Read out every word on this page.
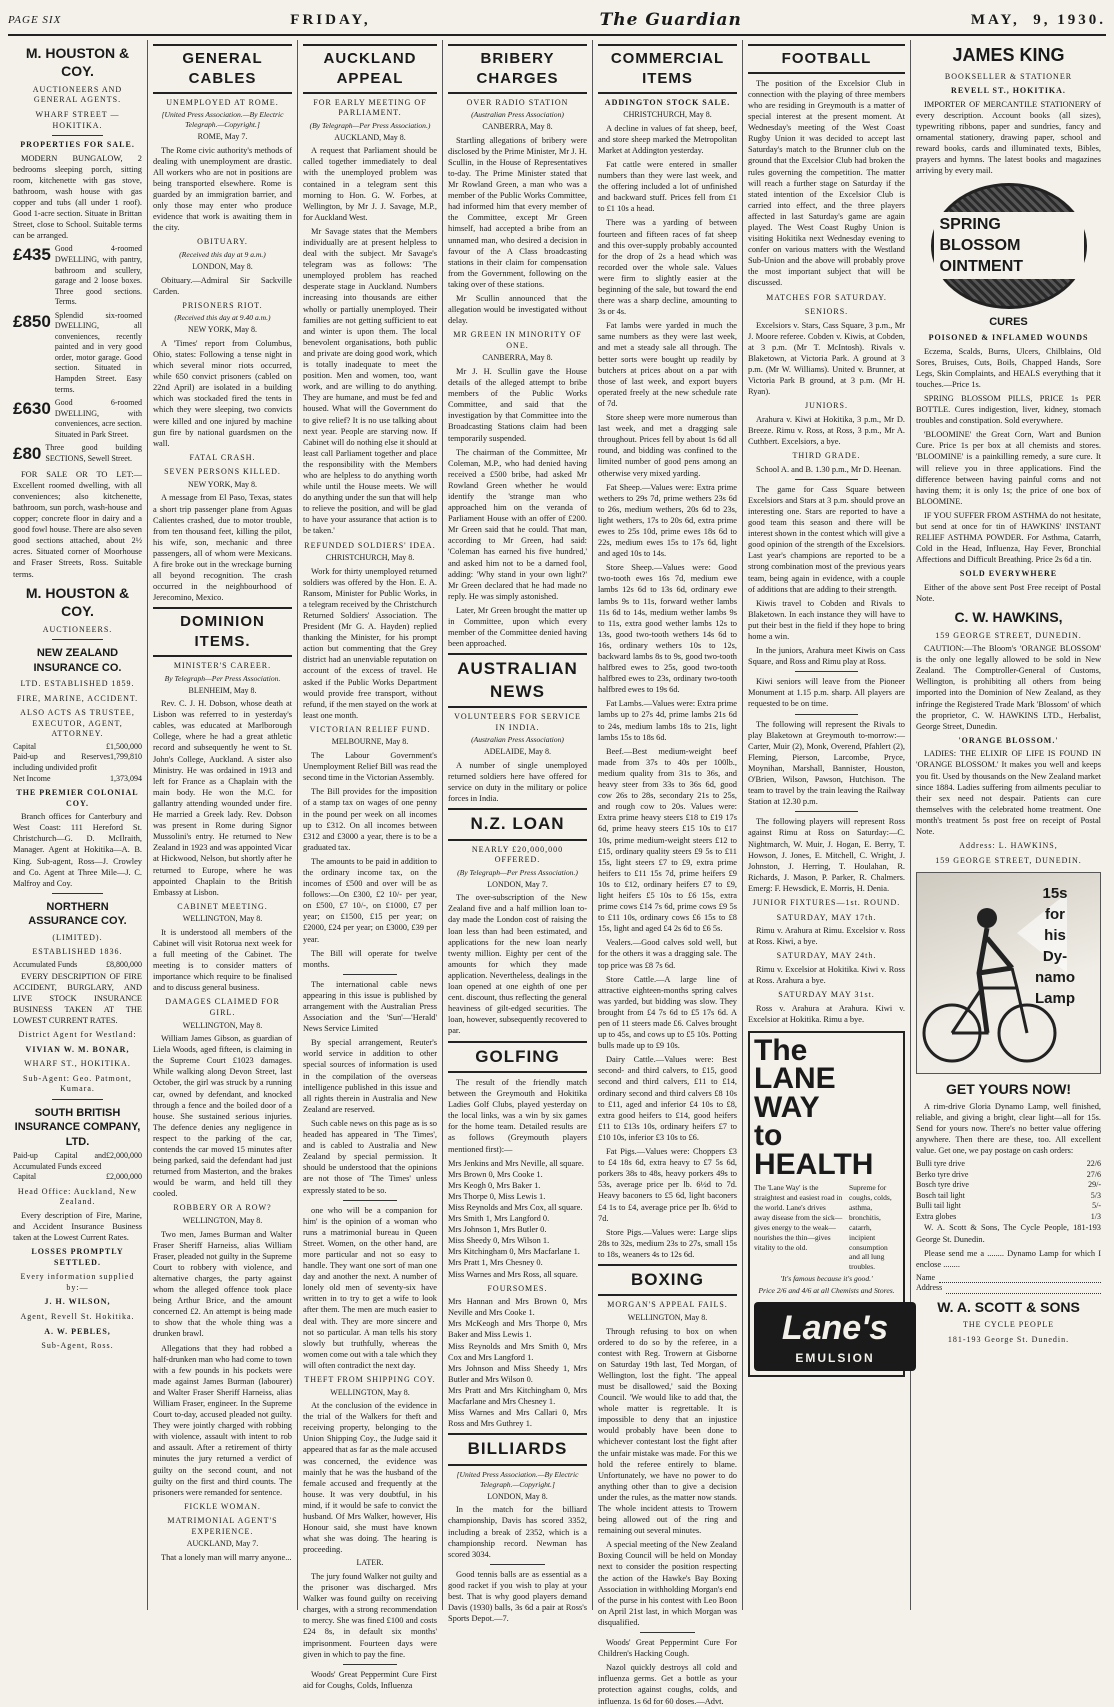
PAGE SIX	FRIDAY,	The Guardian	MAY, 9, 1930.
M. HOUSTON & COY.
AUCTIONEERS AND GENERAL AGENTS.
WHARF STREET — HOKITIKA.
PROPERTIES FOR SALE.

MODERN BUNGALOW, 2 bedrooms sleeping porch, sitting room, kitchenette with gas stove, bathroom, wash house with gas copper and tubs (all under 1 roof). Good 1-acre section. Situate in Brittan Street, close to School. Suitable terms can be arranged.

£435 Good 4-roomed DWELLING, with pantry, bathroom and scullery, garage and 2 loose boxes. Three good sections. Terms.
£850 Splendid six-roomed DWELLING, all conveniences, recently painted and in very good order, motor garage. Good section. Situated in Hampden Street. Easy terms.
£630 Good 6-roomed DWELLING, with conveniences, acre section. Situated in Park Street.
£80 Three good building SECTIONS, Sewell Street.

FOR SALE OR TO LET:—Excellent roomed dwelling, with all conveniences; also kitchenette, bathroom, sun porch, wash-house and copper; concrete floor in dairy and a good fowl house. There are also seven good sections attached, about 2½ acres. Situated corner of Moorhouse and Fraser Streets, Ross. Suitable terms.

M. HOUSTON & COY.
AUCTIONEERS.
NEW ZEALAND INSURANCE CO.
LTD. ESTABLISHED 1859.
FIRE, MARINE, ACCIDENT.
ALSO ACTS AS TRUSTEE, EXECUTOR, AGENT, ATTORNEY.
Capital	£1,500,000
Paid-up and Reserves including undivided profit
1,799,810
Net Income	1,373,094
THE PREMIER COLONIAL COY.

Branch offices for Canterbury and West Coast: 111 Hereford St. Christchurch—G. D. McIlraith, Manager. Agent at Hokitika—A. B. King. Sub-agent, Ross—J. Crowley and Co. Agent at Three Mile—J. C. Malfroy and Coy.

NORTHERN ASSURANCE COY.
(LIMITED).
ESTABLISHED 1836.
Accumulated Funds	£8,800,000

EVERY DESCRIPTION OF FIRE ACCIDENT, BURGLARY, AND LIVE STOCK INSURANCE BUSINESS TAKEN AT THE LOWEST CURRENT RATES.

District Agent for Westland:
VIVIAN W. M. BONAR,
WHARF ST., HOKITIKA.
Sub-Agent: Geo. Patmont, Kumara.
SOUTH BRITISH INSURANCE COMPANY, LTD.
Paid-up Capital and Accumulated Funds exceed
£2,000,000
Capital	£2,000,000
Head Office: Auckland, New Zealand.

Every description of Fire, Marine, and Accident Insurance Business taken at the Lowest Current Rates.

LOSSES PROMPTLY SETTLED.
Every information supplied by:—
J. H. WILSON,
Agent, Revell St. Hokitika.
A. W. PEBLES,
Sub-Agent, Ross.
GENERAL CABLES
UNEMPLOYED AT ROME.
[United Press Association.—By Electric Telegraph.—Copyright.]
ROME, May 7.

The Rome civic authority's methods of dealing with unemployment are drastic. All workers who are not in positions are being transported elsewhere. Rome is guarded by an immigration barrier, and only those may enter who produce evidence that work is awaiting them in the city.

OBITUARY.
(Received this day at 9 a.m.)
LONDON, May 8.

Obituary.—Admiral Sir Sackville Carden.

PRISONERS RIOT.
(Received this day at 9.40 a.m.)
NEW YORK, May 8.

A 'Times' report from Columbus, Ohio, states: Following a tense night in which several minor riots occurred, while 650 convict prisoners (cabled on 22nd April) are isolated in a building which was stockaded fired the tents in which they were sleeping, two convicts were killed and one injured by machine gun fire by national guardsmen on the wall.

FATAL CRASH.
SEVEN PERSONS KILLED.
NEW YORK, May 8.

A message from El Paso, Texas, states a short trip passenger plane from Aguas Calientes crashed, due to motor trouble, from ten thousand feet, killing the pilot, his wife, son, mechanic and three passengers, all of whom were Mexicans. A fire broke out in the wreckage burning all beyond recognition. The crash occurred in the neighbourhood of Jerecomino, Mexico.

DOMINION ITEMS.
MINISTER'S CAREER.
By Telegraph—Per Press Association.
BLENHEIM, May 8.

Rev. C. J. H. Dobson, whose death at Lisbon was referred to in yesterday's cables, was educated at Marlborough College, where he had a great athletic record and subsequently he went to St. John's College, Auckland. A sister also Ministry. He was ordained in 1913 and left for France as a Chaplain with the main body. He won the M.C. for gallantry attending wounded under fire. He married a Greek lady. Rev. Dobson was present in Rome during Signor Mussolini's entry. He returned to New Zealand in 1923 and was appointed Vicar at Hickwood, Nelson, but shortly after he returned to Europe, where he was appointed Chaplain to the British Embassy at Lisbon.

CABINET MEETING.
WELLINGTON, May 8.

It is understood all members of the Cabinet will visit Rotorua next week for a full meeting of the Cabinet. The meeting is to consider matters of importance which require to be finalised and to discuss general business.

DAMAGES CLAIMED FOR GIRL.
WELLINGTON, May 8.

William James Gibson, as guardian of Liela Woods, aged fifteen, is claiming in the Supreme Court £1023 damages. While walking along Devon Street, last October, the girl was struck by a running car, owned by defendant, and knocked through a fence and the boiled door of a house. She sustained serious injuries. The defence denies any negligence in respect to the parking of the car, contends the car moved 15 minutes after being parked, said the defendant had just returned from Masterton, and the brakes would be warm, and held till they cooled.

ROBBERY OR A ROW?
WELLINGTON, May 8.

Two men, James Burman and Walter Fraser Sheriff Harneiss, alias William Fraser, pleaded not guilty in the Supreme Court to robbery with violence, and alternative charges, the party against whom the alleged offence took place being Arthur Brice, and the amount concerned £2. An attempt is being made to show that the whole thing was a drunken brawl.

Allegations that they had robbed a half-drunken man who had come to town with a few pounds in his pockets were made against James Burman (labourer) and Walter Fraser Sheriff Harneiss, alias William Fraser, engineer. In the Supreme Court to-day, accused pleaded not guilty. They were jointly charged with robbing with violence, assault with intent to rob and assault. After a retirement of thirty minutes the jury returned a verdict of guilty on the second count, and not guilty on the first and third counts. The prisoners were remanded for sentence.

FICKLE WOMAN.
MATRIMONIAL AGENT'S EXPERIENCE.
AUCKLAND, May 7.

That a lonely man will marry anyone...

AUCKLAND APPEAL
FOR EARLY MEETING OF PARLIAMENT.
(By Telegraph—Per Press Association.)
AUCKLAND, May 8.

A request that Parliament should be called together immediately to deal with the unemployed problem was contained in a telegram sent this morning to Hon. G. W. Forbes, at Wellington, by Mr J. J. Savage, M.P., for Auckland West.

Mr Savage states that the Members individually are at present helpless to deal with the subject. Mr Savage's telegram was as follows: 'The unemployed problem has reached desperate stage in Auckland. Numbers increasing into thousands are either wholly or partially unemployed. Their families are not getting sufficient to eat and winter is upon them. The local benevolent organisations, both public and private are doing good work, which is totally inadequate to meet the position. Men and women, too, want work, and are willing to do anything. They are humane, and must be fed and housed. What will the Government do to give relief? It is no use talking about next year. People are starving now. If Cabinet will do nothing else it should at least call Parliament together and place the responsibility with the Members who are helpless to do anything worth while until the House meets. We will do anything under the sun that will help to relieve the position, and will be glad to have your assurance that action is to be taken.'

REFUNDED SOLDIERS' IDEA.
CHRISTCHURCH, May 8.

Work for thirty unemployed returned soldiers was offered by the Hon. E. A. Ransom, Minister for Public Works, in a telegram received by the Christchurch Returned Soldiers' Association. The President (Mr G. A. Hayden) replied thanking the Minister, for his prompt action but commenting that the Grey district had an unenviable reputation on account of the excess of travel. He asked if the Public Works Department would provide free transport, without refund, if the men stayed on the work at least one month.

VICTORIAN RELIEF FUND.
MELBOURNE, May 8.

The Labour Government's Unemployment Relief Bill was read the second time in the Victorian Assembly.

The Bill provides for the imposition of a stamp tax on wages of one penny in the pound per week on all incomes up to £312. On all incomes between £312 and £3000 a year, there is to be a graduated tax.

The amounts to be paid in addition to the ordinary income tax, on the incomes of £500 and over will be as follows:—On £300, £2 10/- per year, on £500, £7 10/-, on £1000, £7 per year; on £1500, £15 per year; on £2000, £24 per year; on £3000, £39 per year.

The Bill will operate for twelve months.

The international cable news appearing in this issue is published by arrangement with the Australian Press Association and the 'Sun'—'Herald' News Service Limited

By special arrangement, Reuter's world service in addition to other special sources of information is used in the compilation of the overseas intelligence published in this issue and all rights therein in Australia and New Zealand are reserved.

Such cable news on this page as is so headed has appeared in 'The Times', and is cabled to Australia and New Zealand by special permission. It should be understood that the opinions are not those of 'The Times' unless expressly stated to be so.

one who will be a companion for him' is the opinion of a woman who runs a matrimonial bureau in Queen Street. Women, on the other hand, are more particular and not so easy to handle. They want one sort of man one day and another the next. A number of lonely old men of seventy-six have written in to try to get a wife to look after them. The men are much easier to deal with. They are more sincere and not so particular. A man tells his story slowly but truthfully, whereas the women come out with a tale which they will often contradict the next day.

THEFT FROM SHIPPING COY.
WELLINGTON, May 8.

At the conclusion of the evidence in the trial of the Walkers for theft and receiving property, belonging to the Union Shipping Coy., the Judge said it appeared that as far as the male accused was concerned, the evidence was mainly that he was the husband of the female accused and frequently at the house. It was very doubtful, in his mind, if it would be safe to convict the husband. Of Mrs Walker, however, His Honour said, she must have known what she was doing. The hearing is proceeding.

LATER.

The jury found Walker not guilty and the prisoner was discharged. Mrs Walker was found guilty on receiving charges, with a strong recommendation to mercy. She was fined £100 and costs £24 8s, in default six months' imprisonment. Fourteen days were given in which to pay the fine.

Woods' Great Peppermint Cure First aid for Coughs, Colds, Influenza

BRIBERY CHARGES
OVER RADIO STATION
(Australian Press Association)
CANBERRA, May 8.

Startling allegations of bribery were disclosed by the Prime Minister, Mr J. H. Scullin, in the House of Representatives to-day. The Prime Minister stated that Mr Rowland Green, a man who was a member of the Public Works Committee, had informed him that every member of the Committee, except Mr Green himself, had accepted a bribe from an unnamed man, who desired a decision in favour of the A Class broadcasting stations in their claim for compensation from the Government, following on the taking over of these stations.

Mr Scullin announced that the allegation would be investigated without delay.

MR GREEN IN MINORITY OF ONE.
CANBERRA, May 8.

Mr J. H. Scullin gave the House details of the alleged attempt to bribe members of the Public Works Committee, and said that the investigation by that Committee into the Broadcasting Stations claim had been temporarily suspended.

The chairman of the Committee, Mr Coleman, M.P., who had denied having received a £500 bribe, had asked Mr Rowland Green whether he would identify the 'strange man who approached him on the veranda of Parliament House with an offer of £200. Mr Green said that he could. That man, according to Mr Green, had said: 'Coleman has earned his five hundred,' and asked him not to be a darned fool, adding: 'Why stand in your own light?' Mr Green declared that he had made no reply. He was simply astonished.

Later, Mr Green brought the matter up in Committee, upon which every member of the Committee denied having been approached.

AUSTRALIAN NEWS
VOLUNTEERS FOR SERVICE IN INDIA.
(Australian Press Association)
ADELAIDE, May 8.

A number of single unemployed returned soldiers here have offered for service on duty in the military or police forces in India.

N.Z. LOAN
NEARLY £20,000,000 OFFERED.
(By Telegraph—Per Press Association.)
LONDON, May 7.

The over-subscription of the New Zealand five and a half million loan to-day made the London cost of raising the loan less than had been estimated, and applications for the new loan nearly twenty million. Eighty per cent of the amounts for which they made application. Nevertheless, dealings in the loan opened at one eighth of one per cent. discount, thus reflecting the general heaviness of gilt-edged securities. The loan, however, subsequently recovered to par.

GOLFING

The result of the friendly match between the Greymouth and Hokitika Ladies Golf Clubs, played yesterday on the local links, was a win by six games for the home team. Detailed results are as follows (Greymouth players mentioned first):—

Mrs Jenkins and Mrs Neville, all square.
Mrs Brown 0, Mrs Cooke 1.
Mrs Keogh 0, Mrs Baker 1.
Mrs Thorpe 0, Miss Lewis 1.
Miss Reynolds and Mrs Cox, all square.
Mrs Smith 1, Mrs Langford 0.
Mrs Johnson 1, Mrs Butler 0.
Miss Sheedy 0, Mrs Wilson 1.
Mrs Kitchingham 0, Mrs Macfarlane 1.
Mrs Pratt 1, Mrs Chesney 0.
Miss Warnes and Mrs Ross, all square.
FOURSOMES.
Mrs Hannan and Mrs Brown 0, Mrs Neville and Mrs Cooke 1.
Mrs McKeogh and Mrs Thorpe 0, Mrs Baker and Miss Lewis 1.
Miss Reynolds and Mrs Smith 0, Mrs Cox and Mrs Langford 1.
Mrs Johnson and Miss Sheedy 1, Mrs Butler and Mrs Wilson 0.
Mrs Pratt and Mrs Kitchingham 0, Mrs Macfarlane and Mrs Chesney 1.
Miss Warnes and Mrs Callari 0, Mrs Ross and Mrs Guthrey 1.
BILLIARDS
[United Press Association.—By Electric Telegraph.—Copyright.]
LONDON, May 8.

In the match for the billiard championship, Davis has scored 3352, including a break of 2352, which is a championship record. Newman has scored 3034.

Good tennis balls are as essential as a good racket if you wish to play at your best. That is why good players demand Davis (1930) balls, 3s 6d a pair at Ross's Sports Depot.—7.

COMMERCIAL ITEMS
ADDINGTON STOCK SALE.
CHRISTCHURCH, May 8.

A decline in values of fat sheep, beef, and store sheep marked the Metropolitan Market at Addington yesterday.

Fat cattle were entered in smaller numbers than they were last week, and the offering included a lot of unfinished and backward stuff. Prices fell from £1 to £1 10s a head.

There was a yarding of between fourteen and fifteen races of fat sheep and this over-supply probably accounted for the drop of 2s a head which was recorded over the whole sale. Values were firm to slightly easier at the beginning of the sale, but toward the end there was a sharp decline, amounting to 3s or 4s.

Fat lambs were yarded in much the same numbers as they were last week, and met a steady sale all through. The better sorts were bought up readily by butchers at prices about on a par with those of last week, and export buyers operated freely at the new schedule rate of 7d.

Store sheep were more numerous than last week, and met a dragging sale throughout. Prices fell by about 1s 6d all round, and bidding was confined to the limited number of good pens among an otherwise very mixed yarding.

Fat Sheep.—Values were: Extra prime wethers to 29s 7d, prime wethers 23s 6d to 26s, medium wethers, 20s 6d to 23s, light wethers, 17s to 20s 6d, extra prime ewes to 25s 10d, prime ewes 18s 6d to 22s, medium ewes 15s to 17s 6d, light and aged 10s to 14s.

Store Sheep.—Values were: Good two-tooth ewes 16s 7d, medium ewe lambs 12s 6d to 13s 6d, ordinary ewe lambs 9s to 11s, forward wether lambs 11s 6d to 14s, medium wether lambs 9s to 11s, extra good wether lambs 12s to 13s, good two-tooth wethers 14s 6d to 16s, ordinary wethers 10s to 12s, backward lambs 8s to 9s, good two-tooth halfbred ewes to 25s, good two-tooth halfbred ewes to 23s, ordinary two-tooth halfbred ewes to 19s 6d.

Fat Lambs.—Values were: Extra prime lambs up to 27s 4d, prime lambs 21s 6d to 24s, medium lambs 18s to 21s, light lambs 15s to 18s 6d.

Beef.—Best medium-weight beef made from 37s to 40s per 100lb., medium quality from 31s to 36s, and heavy steer from 33s to 36s 6d, good cow 26s to 28s, secondary 21s to 25s, and rough cow to 20s. Values were: Extra prime heavy steers £18 to £19 17s 6d, prime heavy steers £15 10s to £17 10s, prime medium-weight steers £12 to £15, ordinary quality steers £9 5s to £11 15s, light steers £7 to £9, extra prime heifers to £11 15s 7d, prime heifers £9 10s to £12, ordinary heifers £7 to £9, light heifers £5 10s to £6 15s, extra prime cows £14 7s 6d, prime cows £9 5s to £11 10s, ordinary cows £6 15s to £8 15s, light and aged £4 2s 6d to £6 5s.

Vealers.—Good calves sold well, but for the others it was a dragging sale. The top price was £8 7s 6d.

Store Cattle.—A large line of attractive eighteen-months spring calves was yarded, but bidding was slow. They brought from £4 7s 6d to £5 17s 6d. A pen of 11 steers made £6. Calves brought up to 45s, and cows up to £5 10s. Potting bulls made up to £9 10s.

Dairy Cattle.—Values were: Best second- and third calvers, to £15, good second and third calvers, £11 to £14, ordinary second and third calvers £8 10s to £11, aged and inferior £4 10s to £8, extra good heifers to £14, good heifers £11 to £13s 10s, ordinary heifers £7 to £10 10s, inferior £3 10s to £6.

Fat Pigs.—Values were: Choppers £3 to £4 18s 6d, extra heavy to £7 5s 6d, porkers 38s to 48s, heavy porkers 49s to 53s, average price per lb. 6½d to 7d. Heavy baconers to £5 6d, light baconers £4 1s to £4, average price per lb. 6½d to 7d.

Store Pigs.—Values were: Large slips 28s to 32s, medium 23s to 27s, small 15s to 18s, weaners 4s to 12s 6d.

BOXING
MORGAN'S APPEAL FAILS.
WELLINGTON, May 8.

Through refusing to box on when ordered to do so by the referee, in a contest with Reg. Trowern at Gisborne on Saturday 19th last, Ted Morgan, of Wellington, lost the fight. 'The appeal must be disallowed,' said the Boxing Council. 'We would like to add that, the whole matter is regrettable. It is impossible to deny that an injustice would probably have been done to whichever contestant lost the fight after the unfair mistake was made. For this we hold the referee entirely to blame. Unfortunately, we have no power to do anything other than to give a decision under the rules, as the matter now stands. The whole incident attests to Trowern being allowed out of the ring and remaining out several minutes.

A special meeting of the New Zealand Boxing Council will be held on Monday next to consider the position respecting the action of the Hawke's Bay Boxing Association in withholding Morgan's end of the purse in his contest with Leo Boon on April 21st last, in which Morgan was disqualified.

Woods' Great Peppermint Cure For Children's Hacking Cough.

Nazol quickly destroys all cold and influenza germs. Get a bottle as your protection against coughs, colds, and influenza. 1s 6d for 60 doses.—Advt.

FOOTBALL

The position of the Excelsior Club in connection with the playing of three members who are residing in Greymouth is a matter of special interest at the present moment. At Wednesday's meeting of the West Coast Rugby Union it was decided to accept last Saturday's match to the Brunner club on the ground that the Excelsior Club had broken the rules governing the competition. The matter will reach a further stage on Saturday if the stated intention of the Excelsior Club is carried into effect, and the three players affected in last Saturday's game are again played. The West Coast Rugby Union is visiting Hokitika next Wednesday evening to confer on various matters with the Westland Sub-Union and the above will probably prove the most important subject that will be discussed.

MATCHES FOR SATURDAY.
SENIORS.

Excelsiors v. Stars, Cass Square, 3 p.m., Mr J. Moore referee. Cobden v. Kiwis, at Cobden, at 3 p.m. (Mr T. McIntosh). Rivals v. Blaketown, at Victoria Park. A ground at 3 p.m. (Mr W. Williams). United v. Brunner, at Victoria Park B ground, at 3 p.m. (Mr H. Ryan).

JUNIORS.

Arahura v. Kiwi at Hokitika, 3 p.m., Mr D. Breeze. Rimu v. Ross, at Ross, 3 p.m., Mr A. Cuthbert. Excelsiors, a bye.

THIRD GRADE.

School A. and B. 1.30 p.m., Mr D. Heenan.

The game for Cass Square between Excelsiors and Stars at 3 p.m. should prove an interesting one. Stars are reported to have a good team this season and there will be interest shown in the contest which will give a good opinion of the strength of the Excelsiors. Last year's champions are reported to be a strong combination most of the previous years team, being again in evidence, with a couple of additions that are adding to their strength.

Kiwis travel to Cobden and Rivals to Blaketown. In each instance they will have to put their best in the field if they hope to bring home a win.

In the juniors, Arahura meet Kiwis on Cass Square, and Ross and Rimu play at Ross.

Kiwi seniors will leave from the Pioneer Monument at 1.15 p.m. sharp. All players are requested to be on time.

The following will represent the Rivals to play Blaketown at Greymouth to-morrow:—Carter, Muir (2), Monk, Overend, Pfahlert (2), Fleming, Pierson, Larcombe, Pryce, Moynihan, Marshall, Bannister, Houston, O'Brien, Wilson, Pawson, Hutchison. The team to travel by the train leaving the Railway Station at 12.30 p.m.

The following players will represent Ross against Rimu at Ross on Saturday:—C. Nightmarch, W. Muir, J. Hogan, E. Berry, T. Howson, J. Jones, E. Mitchell, C. Wright, J. Johnston, J. Herring, T. Houlahan, R. Richards, J. Mason, P. Parker, R. Chalmers. Emerg: F. Hewsdick, E. Morris, H. Denia.

JUNIOR FIXTURES—1st. ROUND.
SATURDAY, MAY 17th.

Rimu v. Arahura at Rimu. Excelsior v. Ross at Ross. Kiwi, a bye.

SATURDAY, MAY 24th.

Rimu v. Excelsior at Hokitika. Kiwi v. Ross at Ross. Arahura a bye.

SATURDAY MAY 31st.

Ross v. Arahura at Arahura. Kiwi v. Excelsior at Hokitika. Rimu a bye.

The
LANE
WAY
to
HEALTH
The 'Lane Way' is the straightest and easiest road in the world. Lane's drives away disease from the sick—gives energy to the weak—nourishes the thin—gives vitality to the old.
Supreme for coughs, colds, asthma, bronchitis, catarrh, incipient consumption and all lung troubles.
'It's famous because it's good.'
Price 2/6 and 4/6 at all Chemists and Stores.
Lane's
EMULSION
JAMES KING
BOOKSELLER & STATIONER
REVELL ST., HOKITIKA.

IMPORTER OF MERCANTILE STATIONERY of every description. Account books (all sizes), typewriting ribbons, paper and sundries, fancy and ornamental stationery, drawing paper, school and reward books, cards and illuminated texts, Bibles, prayers and hymns. The latest books and magazines arriving by every mail.

SPRING BLOSSOM OINTMENT
CURES
POISONED & INFLAMED WOUNDS

Eczema, Scalds, Burns, Ulcers, Chilblains, Old Sores, Bruises, Cuts, Boils, Chapped Hands, Sore Legs, Skin Complaints, and HEALS everything that it touches.—Price 1s.

SPRING BLOSSOM PILLS, PRICE 1s PER BOTTLE. Cures indigestion, liver, kidney, stomach troubles and constipation. Sold everywhere.

'BLOOMINE' the Great Corn, Wart and Bunion Cure. Price 1s per box at all chemists and stores. 'BLOOMINE' is a painkilling remedy, a sure cure. It will relieve you in three applications. Find the difference between having painful corns and not having them; it is only 1s; the price of one box of BLOOMINE.

IF YOU SUFFER FROM ASTHMA do not hesitate, but send at once for tin of HAWKINS' INSTANT RELIEF ASTHMA POWDER. For Asthma, Catarrh, Cold in the Head, Influenza, Hay Fever, Bronchial Affections and Difficult Breathing. Price 2s 6d a tin.

SOLD EVERYWHERE

Either of the above sent Post Free receipt of Postal Note.

C. W. HAWKINS,
159 GEORGE STREET, DUNEDIN.

CAUTION:—The Bloom's 'ORANGE BLOSSOM' is the only one legally allowed to be sold in New Zealand. The Comptroller-General of Customs, Wellington, is prohibiting all others from being imported into the Dominion of New Zealand, as they infringe the Registered Trade Mark 'Blossom' of which the proprietor, C. W. HAWKINS LTD., Herbalist, George Street, Dunedin.

'ORANGE BLOSSOM.'

LADIES: THE ELIXIR OF LIFE IS FOUND IN 'ORANGE BLOSSOM.' It makes you well and keeps you fit. Used by thousands on the New Zealand market since 1884. Ladies suffering from ailments peculiar to their sex need not despair. Patients can cure themselves with the celebrated home treatment. One month's treatment 5s post free on receipt of Postal Note.

Address: L. HAWKINS,
159 GEORGE STREET, DUNEDIN.
15s
for
his
Dy-
namo
Lamp
GET YOURS NOW!

A rim-drive Gloria Dynamo Lamp, well finished, reliable, and giving a bright, clear light—all for 15s. Send for yours now. There's no better value offering anywhere. Then there are these, too. All excellent value. Get one, we pay postage on cash orders:

Bulli tyre drive	22/6
Berko tyre drive	27/6
Bosch tyre drive	29/-
Bosch tail light	5/3
Bulli tail light	5/-
Extra globes	1/3

W. A. Scott & Sons, The Cycle People, 181-193 George St. Dunedin.

Please send me a ........ Dynamo Lamp for which I enclose ........

Name
Address
W. A. SCOTT & SONS
THE CYCLE PEOPLE
181-193 George St. Dunedin.
